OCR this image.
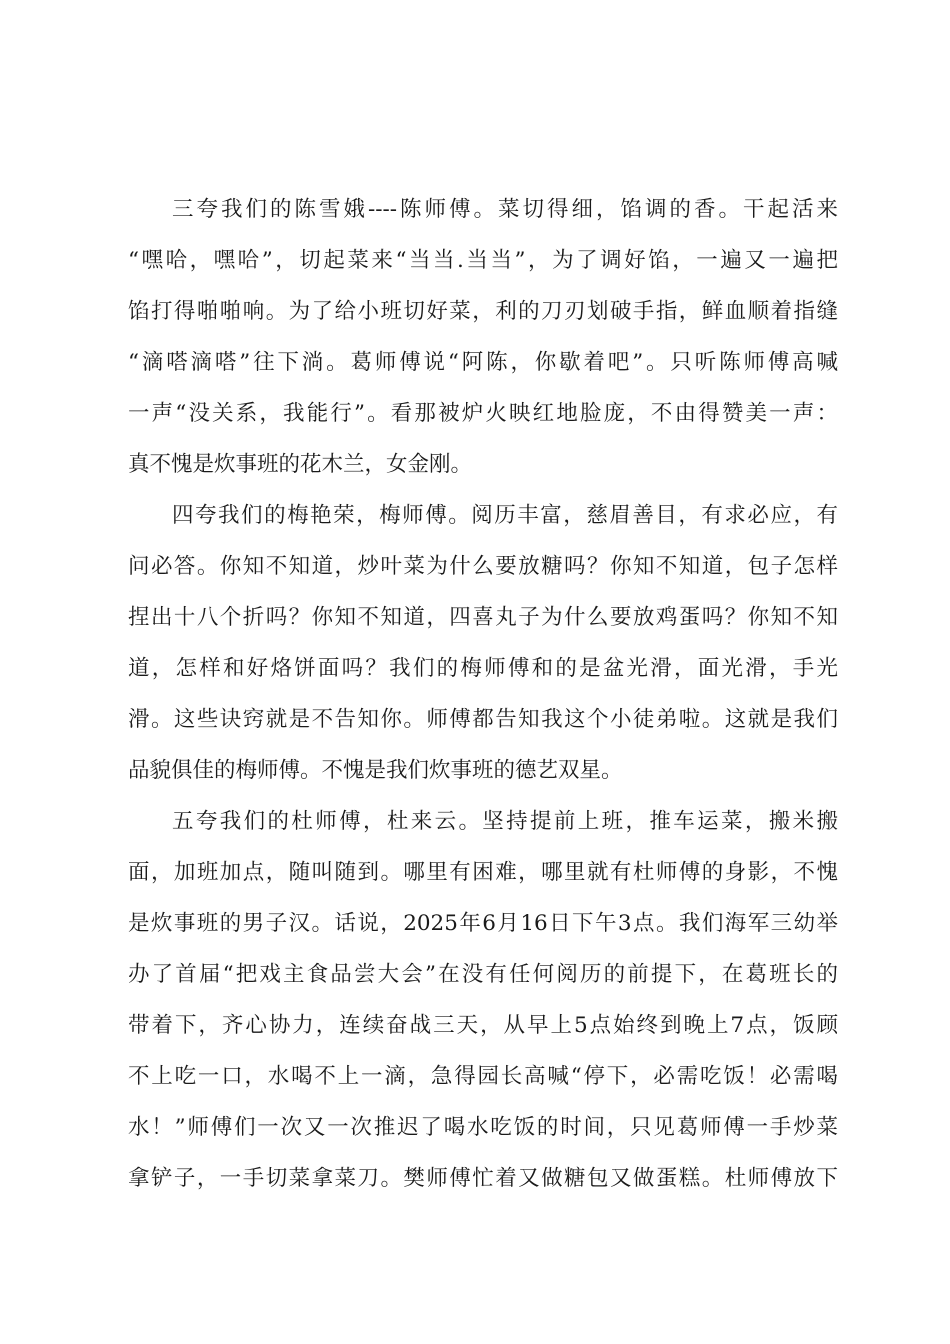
三夸我们的陈雪娥----陈师傅。菜切得细，馅调的香。干起活来
“嘿哈，嘿哈”，切起菜来“当当.当当”，为了调好馅，一遍又一遍把
馅打得啪啪响。为了给小班切好菜，利的刀刃划破手指，鲜血顺着指缝
“滴嗒滴嗒”往下淌。葛师傅说“阿陈，你歇着吧”。只听陈师傅高喊
一声“没关系，我能行”。看那被炉火映红地脸庞，不由得赞美一声：
真不愧是炊事班的花木兰，女金刚。
四夸我们的梅艳荣，梅师傅。阅历丰富，慈眉善目，有求必应，有
问必答。你知不知道，炒叶菜为什么要放糖吗？你知不知道，包子怎样
捏出十八个折吗？你知不知道，四喜丸子为什么要放鸡蛋吗？你知不知
道，怎样和好烙饼面吗？我们的梅师傅和的是盆光滑，面光滑，手光
滑。这些诀窍就是不告知你。师傅都告知我这个小徒弟啦。这就是我们
品貌俱佳的梅师傅。不愧是我们炊事班的德艺双星。
五夸我们的杜师傅，杜来云。坚持提前上班，推车运菜，搬米搬
面，加班加点，随叫随到。哪里有困难，哪里就有杜师傅的身影，不愧
是炊事班的男子汉。话说，2025年6月16日下午3点。我们海军三幼举
办了首届“把戏主食品尝大会”在没有任何阅历的前提下，在葛班长的
带着下，齐心协力，连续奋战三天，从早上5点始终到晚上7点，饭顾
不上吃一口，水喝不上一滴，急得园长高喊“停下，必需吃饭！必需喝
水！”师傅们一次又一次推迟了喝水吃饭的时间，只见葛师傅一手炒菜
拿铲子，一手切菜拿菜刀。樊师傅忙着又做糖包又做蛋糕。杜师傅放下
